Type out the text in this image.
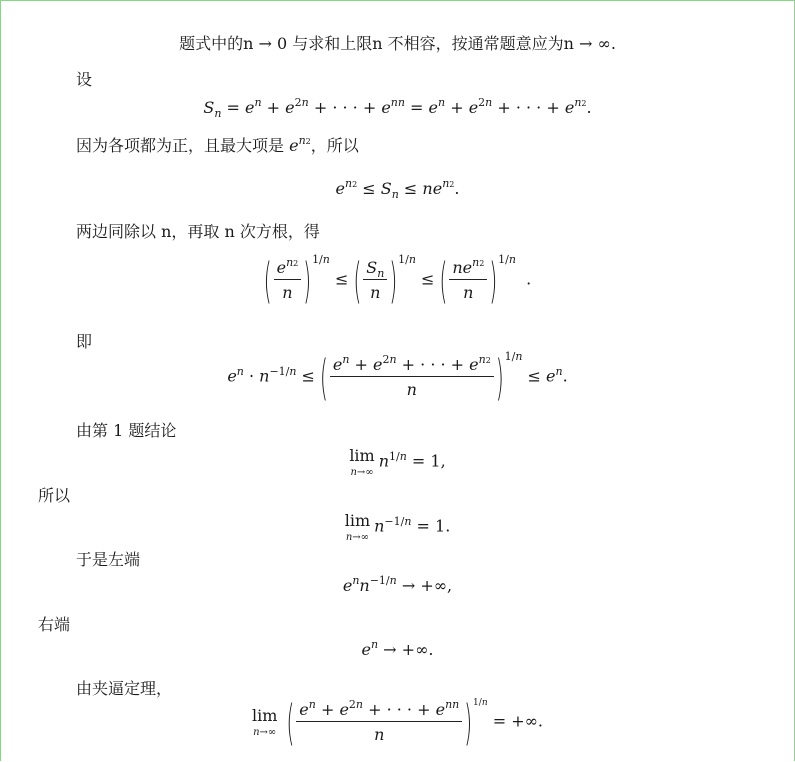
题式中的n → 0 与求和上限n 不相容，按通常题意应为n → ∞.
设
$S_n = e^n + e^{2n}$ + · · · + $e^{nn} = e^n + e^{2n}$ + · · · + $e^{n2}$.
因为各项都为正，且最大项是 $e^{n2}$，所以
$e^{n2} \le S_n \le ne^{n2}$.
两边同除以 n，再取 n 次方根，得
( $\frac{e^{n2}}{n} )^{1/n}$ ≤ ( $\frac{S_n}{n} )^{1/n}$ ≤ ( $\frac{ne^{n2}}{n} )^{1/n}$  .
即
$e^n \cdot n^{-1/n}$ ≤ ( $\frac{e^n + e^{2n} + \cdot \cdot \cdot + e^{n2}}{n} )^{1/n} \le e^n$.
由第 1 题结论
lim
n→∞
$n^{1/n} = 1$,
所以
lim
n→∞
$n^{-1/n} = 1$.
于是左端
$e^nn^{-1/n}$ → +∞,
右端
$e^n$ → +∞.
由夹逼定理，
lim
n→∞ ( $\frac{e^n + e^{2n} + \cdot \cdot \cdot + e^{nn}}{n} )^{1/n}$ = +∞.
